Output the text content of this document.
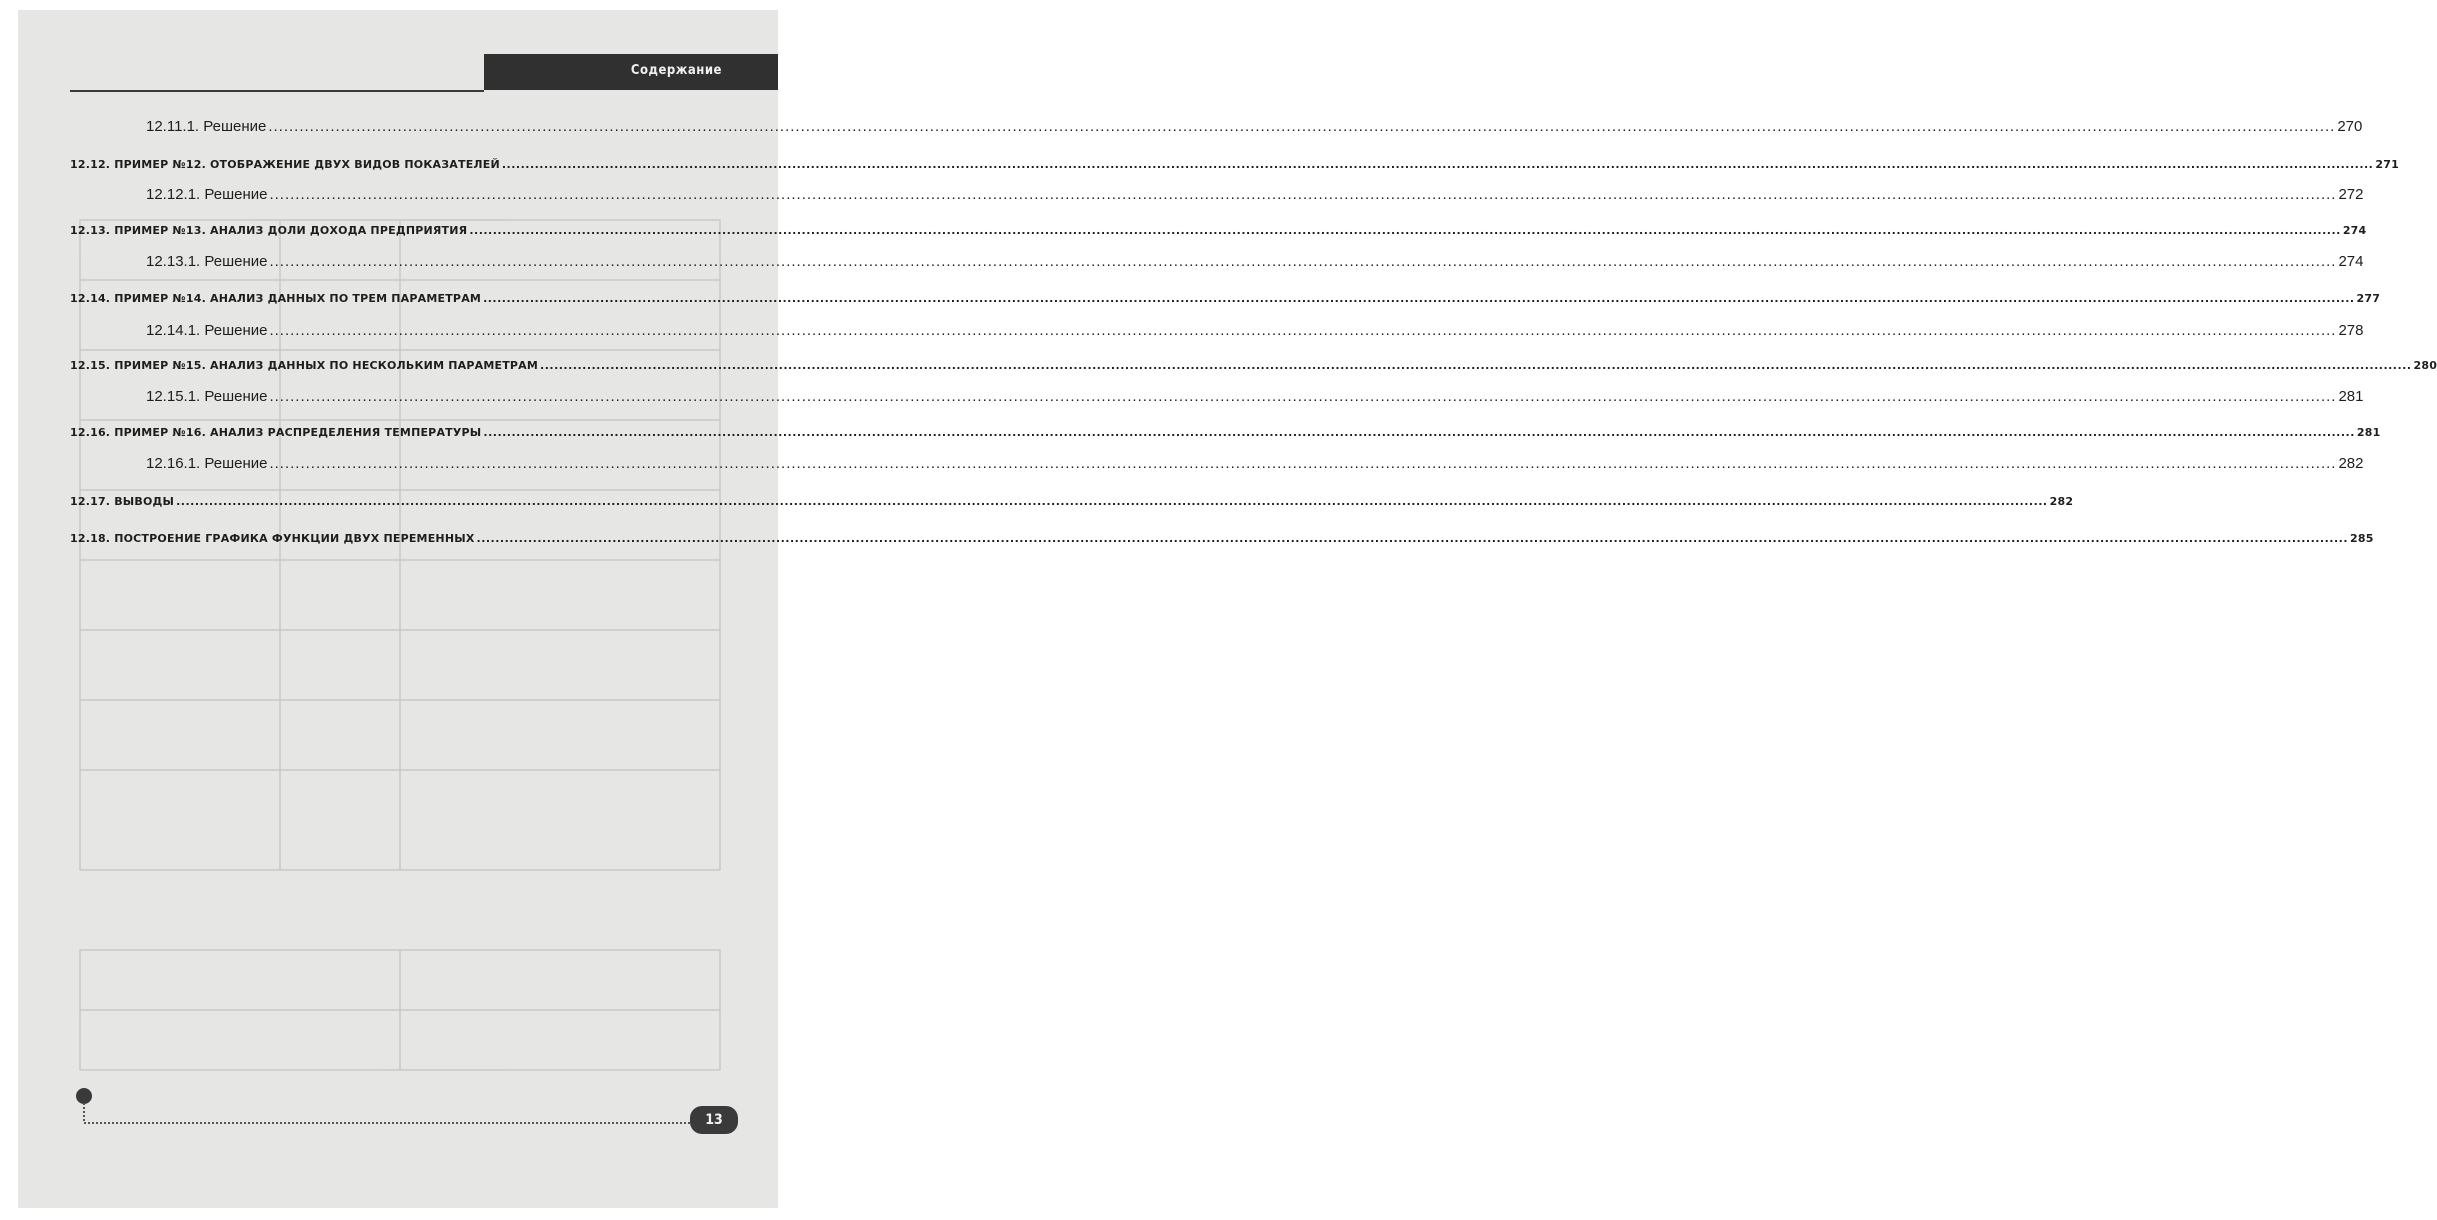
Содержание
12.11.1. Решение ................................................................................................................................................................................................................................................................................................................................................................................................................ 270
12.12. ПРИМЕР №12. ОТОБРАЖЕНИЕ ДВУХ ВИДОВ ПОКАЗАТЕЛЕЙ ................................................................................................................................................................................................................................................................................................................................................................................................................ 271
12.12.1. Решение ................................................................................................................................................................................................................................................................................................................................................................................................................ 272
12.13. ПРИМЕР №13. АНАЛИЗ ДОЛИ ДОХОДА ПРЕДПРИЯТИЯ ................................................................................................................................................................................................................................................................................................................................................................................................................ 274
12.13.1. Решение ................................................................................................................................................................................................................................................................................................................................................................................................................ 274
12.14. ПРИМЕР №14. АНАЛИЗ ДАННЫХ ПО ТРЕМ ПАРАМЕТРАМ ................................................................................................................................................................................................................................................................................................................................................................................................................ 277
12.14.1. Решение ................................................................................................................................................................................................................................................................................................................................................................................................................ 278
12.15. ПРИМЕР №15. АНАЛИЗ ДАННЫХ ПО НЕСКОЛЬКИМ ПАРАМЕТРАМ ................................................................................................................................................................................................................................................................................................................................................................................................................ 280
12.15.1. Решение ................................................................................................................................................................................................................................................................................................................................................................................................................ 281
12.16. ПРИМЕР №16. АНАЛИЗ РАСПРЕДЕЛЕНИЯ ТЕМПЕРАТУРЫ ................................................................................................................................................................................................................................................................................................................................................................................................................ 281
12.16.1. Решение ................................................................................................................................................................................................................................................................................................................................................................................................................ 282
12.17. ВЫВОДЫ ................................................................................................................................................................................................................................................................................................................................................................................................................ 282
12.18. ПОСТРОЕНИЕ ГРАФИКА ФУНКЦИИ ДВУХ ПЕРЕМЕННЫХ ................................................................................................................................................................................................................................................................................................................................................................................................................ 285
13
